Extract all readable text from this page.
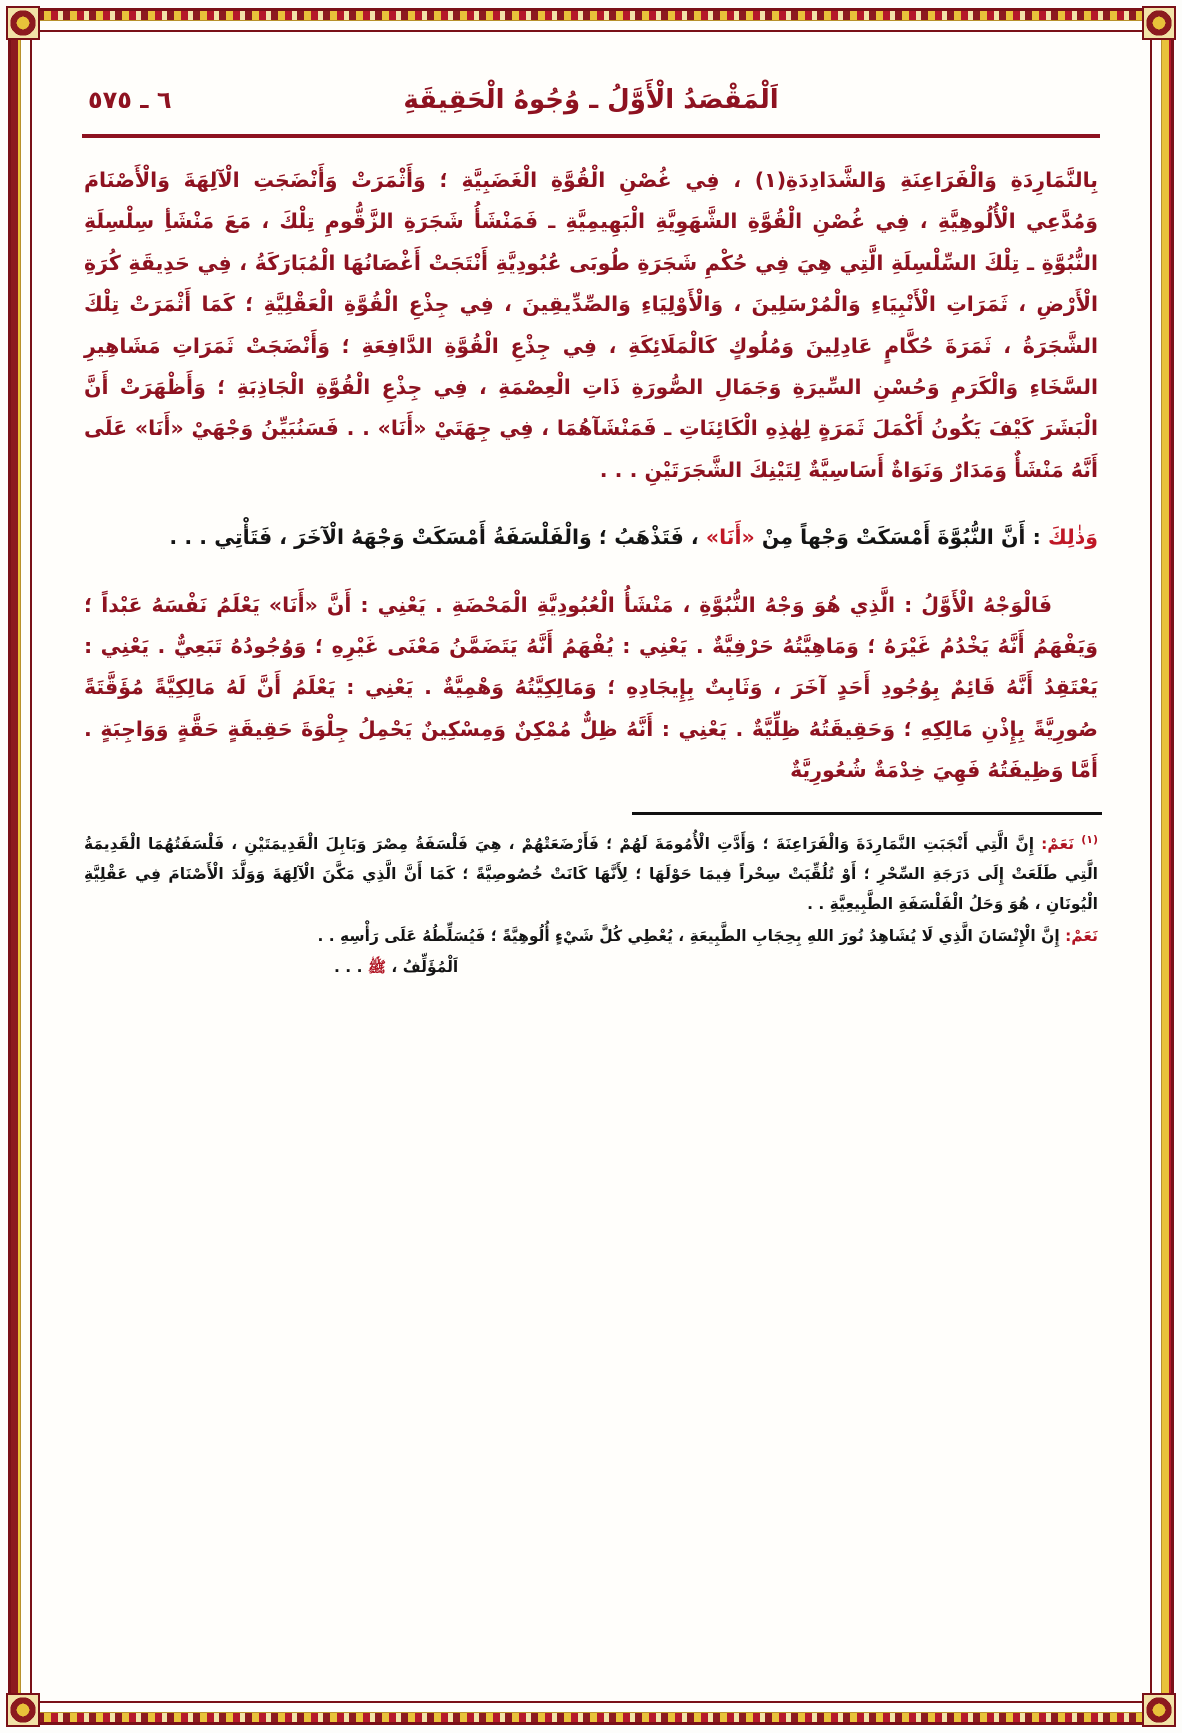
٦ ـ ٥٧٥	اَلْمَقْصَدُ الْأَوَّلُ ـ وُجُوهُ الْحَقِيقَةِ

بِالنَّمَارِدَةِ وَالْفَرَاعِنَةِ وَالشَّدَادِدَةِ(١) ، فِي غُصْنِ الْقُوَّةِ الْغَضَبِيَّةِ ؛ وَأَثْمَرَتْ وَأَنْضَجَتِ الْآلِهَةَ وَالْأَصْنَامَ وَمُدَّعِي الْأُلُوهِيَّةِ ، فِي غُصْنِ الْقُوَّةِ الشَّهَوِيَّةِ الْبَهِيمِيَّةِ ـ فَمَنْشَأُ شَجَرَةِ الزَّقُّومِ تِلْكَ ، مَعَ مَنْشَأِ سِلْسِلَةِ النُّبُوَّةِ ـ تِلْكَ السِّلْسِلَةِ الَّتِي هِيَ فِي حُكْمِ شَجَرَةِ طُوبَى عُبُودِيَّةِ أَنْتَجَتْ أَغْصَانُهَا الْمُبَارَكَةُ ، فِي حَدِيقَةِ كُرَةِ الْأَرْضِ ، ثَمَرَاتِ الْأَنْبِيَاءِ وَالْمُرْسَلِينَ ، وَالْأَوْلِيَاءِ وَالصِّدِّيقِينَ ، فِي جِذْعِ الْقُوَّةِ الْعَقْلِيَّةِ ؛ كَمَا أَثْمَرَتْ تِلْكَ الشَّجَرَةُ ، ثَمَرَةَ حُكَّامٍ عَادِلِينَ وَمُلُوكٍ كَالْمَلَائِكَةِ ، فِي جِذْعِ الْقُوَّةِ الدَّافِعَةِ ؛ وَأَنْضَجَتْ ثَمَرَاتِ مَشَاهِيرِ السَّخَاءِ وَالْكَرَمِ وَحُسْنِ السِّيرَةِ وَجَمَالِ الصُّورَةِ ذَاتِ الْعِصْمَةِ ، فِي جِذْعِ الْقُوَّةِ الْجَاذِبَةِ ؛ وَأَظْهَرَتْ أَنَّ الْبَشَرَ كَيْفَ يَكُونُ أَكْمَلَ ثَمَرَةٍ لِهٰذِهِ الْكَائِنَاتِ ـ فَمَنْشَآهُمَا ، فِي جِهَتَيْ «أَنَا» . . فَسَنُبَيِّنُ وَجْهَيْ «أَنَا» عَلَى أَنَّهُ مَنْشَأٌ وَمَدَارٌ وَنَوَاةٌ أَسَاسِيَّةٌ لِتَيْنِكَ الشَّجَرَتَيْنِ . . .

وَذٰلِكَ : أَنَّ النُّبُوَّةَ أَمْسَكَتْ وَجْهاً مِنْ «أَنَا» ، فَتَذْهَبُ ؛ وَالْفَلْسَفَةُ أَمْسَكَتْ وَجْهَهُ الْآخَرَ ، فَتَأْتِي . . .

فَالْوَجْهُ الْأَوَّلُ : الَّذِي هُوَ وَجْهُ النُّبُوَّةِ ، مَنْشَأُ الْعُبُودِيَّةِ الْمَحْضَةِ . يَعْنِي : أَنَّ «أَنَا» يَعْلَمُ نَفْسَهُ عَبْداً ؛ وَيَفْهَمُ أَنَّهُ يَخْدُمُ غَيْرَهُ ؛ وَمَاهِيَّتُهُ حَرْفِيَّةٌ . يَعْنِي : يُفْهَمُ أَنَّهُ يَتَضَمَّنُ مَعْنَى غَيْرِهِ ؛ وَوُجُودُهُ تَبَعِيٌّ . يَعْنِي : يَعْتَقِدُ أَنَّهُ قَائِمٌ بِوُجُودِ أَحَدٍ آخَرَ ، وَثَابِتٌ بِإِيجَادِهِ ؛ وَمَالِكِيَّتُهُ وَهْمِيَّةٌ . يَعْنِي : يَعْلَمُ أَنَّ لَهُ مَالِكِيَّةً مُؤَقَّتَةً صُورِيَّةً بِإِذْنِ مَالِكِهِ ؛ وَحَقِيقَتُهُ ظِلِّيَّةٌ . يَعْنِي : أَنَّهُ ظِلٌّ مُمْكِنٌ وَمِسْكِينٌ يَحْمِلُ جِلْوَةَ حَقِيقَةٍ حَقَّةٍ وَوَاجِبَةٍ . أَمَّا وَظِيفَتُهُ فَهِيَ خِدْمَةٌ شُعُورِيَّةٌ

$^{(١)}$ نَعَمْ: إِنَّ الَّتِي أَنْجَبَتِ النَّمَارِدَةَ وَالْفَرَاعِنَةَ ؛ وَأَدَّتِ الْأُمُومَةَ لَهُمْ ؛ فَأَرْضَعَتْهُمْ ، هِيَ فَلْسَفَةُ مِصْرَ وَبَابِلَ الْقَدِيمَتَيْنِ ، فَلْسَفَتُهُمَا الْقَدِيمَةُ الَّتِي طَلَعَتْ إِلَى دَرَجَةِ السِّحْرِ ؛ أَوْ تُلُقِّيَتْ سِحْراً فِيمَا حَوْلَهَا ؛ لِأَنَّهَا كَانَتْ خُصُوصِيَّةً ؛ كَمَا أَنَّ الَّذِي مَكَّنَ الْآلِهَةَ وَوَلَّدَ الْأَصْنَامَ فِي عَقْلِيَّةِ الْيُونَانِ ، هُوَ وَحَلُ الْفَلْسَفَةِ الطَّبِيعِيَّةِ . .

نَعَمْ: إِنَّ الْإِنْسَانَ الَّذِي لَا يُشَاهِدُ نُورَ اللهِ بِحِجَابِ الطَّبِيعَةِ ، يُعْطِي كُلَّ شَيْءٍ أُلُوهِيَّةً ؛ فَيُسَلِّطُهُ عَلَى رَأْسِهِ . .

اَلْمُؤَلِّفُ ، ﷺ . . .
